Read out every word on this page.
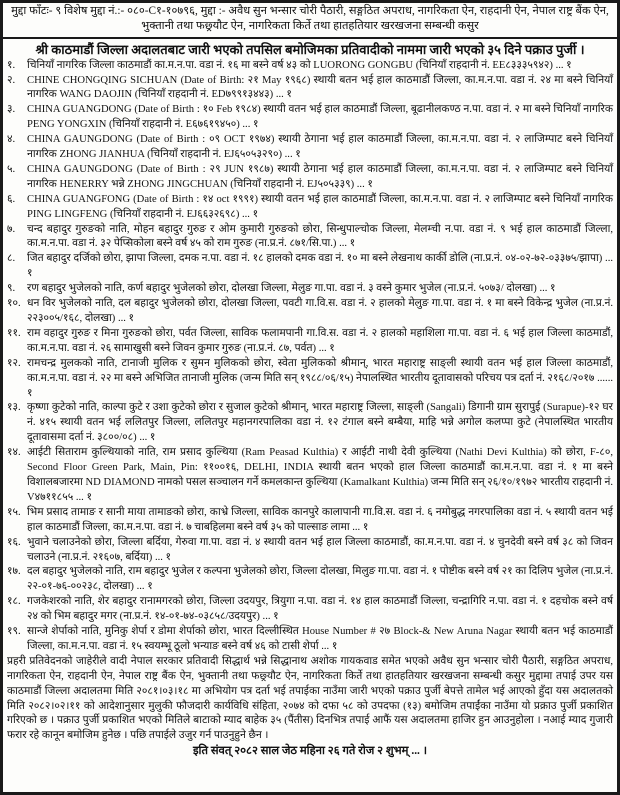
मुद्दा फाँटः- ९ विशेष मुद्दा नं.:- ०८०-C१-१०७९६, मुद्दा :- अवैध सुन भन्सार चोरी पैठारी, सङ्गठित अपराध, नागरिकता ऐन, राहदानी ऐन, नेपाल राष्ट्र बैंक ऐन, भुक्तानी तथा फछ्र्यौट ऐन, नागरिकता किर्ते तथा हातहतियार खरखजना सम्बन्धी कसुर
श्री काठमाडौं जिल्ला अदालतबाट जारी भएको तपसिल बमोजिमका प्रतिवादीको नाममा जारी भएको ३५ दिने पक्राउ पुर्जी ।
१.	चिनियाँ नागरिक जिल्ला काठमाडौं का.म.न.पा. वडा नं. १६ मा बस्ने वर्ष ४३ को LUORONG GONGBU (चिनियाँ राहदानी नं. EE८३३३५९४२) ... १
२.	CHINE CHONGQING SICHUAN (Date of Birth: २१ May १९६८) स्थायी बतन भई हाल काठमाडौं जिल्ला, का.म.न.पा. वडा नं. २४ मा बस्ने चिनियाँ नागरिक WANG DAOJIN (चिनियाँ राहदानी नं. ED७९९१३४४३) ... १
३.	CHINA GUANGDONG (Date of Birth : १० Feb १९८४) स्थायी वतन भई हाल काठमाडौं जिल्ला, बूढानीलकण्ठ न.पा. वडा नं. २ मा बस्ने चिनियाँ नागरिक PENG YONGXIN (चिनियाँ राहदानी नं. E६७६१९४५०) ... १
४.	CHINA GAUNGDONG (Date of Birth : ०९ OCT १९७४) स्थायी ठेगाना भई हाल काठमाडौं जिल्ला, का.म.न.पा. वडा नं. २ लाजिम्पाट बस्ने चिनियाँ नागरिक ZHONG JIANHUA (चिनियाँ राहदानी नं. EJ६५०५३२९०) ... १
५.	CHINA GAUNGDONG (Date of Birth : २९ JUN १९८७) स्थायी ठेगाना भई हाल काठमाडौं जिल्ला, का.म.न.पा. वडा नं. २ लाजिम्पाट बस्ने चिनियाँ नागरिक HENERRY भन्ने ZHONG JINGCHUAN (चिनियाँ राहदानी नं. EJ५०५३३९) ... १
६.	CHINA GUANGFONG (Date of Birth : १४ oct १९९१) स्थायी वतन भई हाल काठमाडौं जिल्ला, का.म.न.पा. वडा नं. २ लाजिम्पाट बस्ने चिनियाँ नागरिक PING LINGFENG (चिनियाँ राहदानी नं. EJ६६३२६९८) ... १
७.	चन्द बहादुर गुरुङको नाति, मोहन बहादुर गुरुङ र ओम कुमारी गुरुङको छोरा, सिन्धुपाल्चोक जिल्ला, मेलम्ची न.पा. वडा नं. ९ भई हाल काठमाडौं जिल्ला, का.म.न.पा. वडा नं. ३२ पेप्सिकोला बस्ने वर्ष ४५ को राम गुरुङ (ना.प्र.नं. ८७१/सि.पा.) ... १
८.	जित बहादुर दर्जिको छोरा, झापा जिल्ला, दमक न.पा. वडा नं. १८ हालको दमक वडा नं. १० मा बस्ने लेखनाथ कार्की डोलि (ना.प्र.नं. ०४-०२-७२-०३३७५/झापा) ... १
९.	रण बहादुर भुजेलको नाति, कर्ण बहादुर भुजेलको छोरा, दोलखा जिल्ला, मेलुङ गा.पा. वडा नं. ३ वस्ने कुमार भुजेल (ना.प्र.नं. ५०७३/ दोलखा) ... १
१०. धन विर भुजेलको नाति, दल बहादुर भुजेलको छोरा, दोलखा जिल्ला, पवटी गा.वि.स. वडा नं. २ हालको मेलुङ गा.पा. वडा नं. १ मा बस्ने विकेन्द्र भुजेल (ना.प्र.नं. २२३००५/१६८, दोलखा) ... १
११. राम वहादुर गुरुङ र मिना गुरुङको छोरा, पर्वत जिल्ला, साविक फलामपानी गा.वि.स. वडा नं. २ हालको महाशिला गा.पा. वडा नं. ६ भई हाल जिल्ला काठमाडौं, का.म.न.पा. वडा नं. २६ सामाखुसी बस्ने जिवन कुमार गुरुङ (ना.प्र.नं. ८७, पर्वत) ... १
१२. रामचन्द्र मुलकको नाति, टानाजी मुलिक र सुमन मुलिकको छोरा, स्वेता मुलिकको श्रीमान्, भारत महाराष्ट्र साङ्ली स्थायी वतन भई हाल जिल्ला काठमाडौं, का.म.न.पा. वडा नं. २२ मा बस्ने अभिजित तानाजी मुलिक (जन्म मिति सन् १९८८/०६/१५) नेपालस्थित भारतीय दूतावासको परिचय पत्र दर्ता नं. २१६८/२०१७ ...... १
१३. कृष्णा कुटेको नाति, काल्पा कुटे र उशा कुटेको छोरा र सुजाल कुटेको श्रीमान्, भारत महाराष्ट्र जिल्ला, साङ्ली (Sangali) डिगानी ग्राम सुरापुई (Surapue)-१२ घर नं. ४१५ स्थायी वतन भई ललितपुर जिल्ला, ललितपुर महानगरपालिका वडा नं. १२ टंगाल बस्ने बम्बैया, माहि भन्ने अगोल कलप्पा कुटे (नेपालस्थित भारतीय दूतावासमा दर्ता नं. ३८००/०८) ... १
१४. आईटी सिताराम कुल्थियाको नाति, राम प्रसाद कुल्थिया (Ram Peasad Kulthia) र आईटी नाथी देवी कुल्थिया (Nathi Devi Kulthia) को छोरा, F-८०, Second Floor Green Park, Main, Pin: ११००१६, DELHI, INDIA स्थायी बतन भएको हाल जिल्ला काठमाडौं का.म.न.पा. वडा नं. १ मा बस्ने विशालबजारमा ND DIAMOND नामको पसल सञ्चालन गर्ने कमलकान्त कुल्थिया (Kamalkant Kulthia) जन्म मिति सन् २६/१०/१९७२ भारतीय राहदानी नं. V४७११८५५ ... १
१५. भिम प्रसाद तामाङ र सानी माया तामाङको छोरा, काभ्रे जिल्ला, साविक कानपुरे कालापानी गा.वि.स. वडा नं. ६ नमोबुद्ध नगरपालिका वडा नं. ५ स्थायी वतन भई हाल काठमाडौं जिल्ला, का.म.न.पा. वडा नं. ७ चाबहिलमा बस्ने वर्ष ३५ को पाल्साङ लामा ... १
१६. भुवाने चलाउनेको छोरा, जिल्ला बर्दिया, गेरुवा गा.पा. वडा नं. ४ स्थायी वतन भई हाल जिल्ला काठमाडौं, का.म.न.पा. वडा नं. ४ चुनदेवी बस्ने वर्ष ३८ को जिवन चलाउने (ना.प्र.नं. २१६०७, बर्दिया) ... १
१७. दल बहादुर भुजेलको नाति, राम बहादुर भुजेल र कल्पना भुजेलको छोरा, जिल्ला दोलखा, मिलुङ गा.पा. वडा नं. १ पोष्टीक बस्ने वर्ष २१ का दिलिप भुजेल (ना.प्र.नं. २२-०१-७६-००२३८, दोलखा) ... १
१८. गजकेशरको नाति, शेर बहादुर रानामगरको छोरा, जिल्ला उदयपुर, त्रियुगा न.पा. वडा नं. १४ हाल काठमाडौं जिल्ला, चन्द्रागिरि न.पा. वडा नं. १ दहचोक बस्ने वर्ष २४ को भिम बहादुर मगर (ना.प्र.नं. १४-०१-७४-०३८५८/उदयपुर) ... १
१९. सान्जे शेर्पाको नाति, मुनिकु शेर्पा र डोमा शेर्पाको छोरा, भारत दिल्लीस्थित House Number # २७ Block-& New Aruna Nagar स्थायी बतन भई काठमाडौं जिल्ला, का.म.न.पा. वडा नं. १५ स्वयम्भू ठूलो भन्याङ बस्ने वर्ष ४६ को टासी शेर्पा ... १
प्रहरी प्रतिवेदनको जाहेरीले वादी नेपाल सरकार प्रतिवादी सिद्धार्थ भन्ने सिद्धानाथ अशोक गायकवाड समेत भएको अवैध सुन भन्सार चोरी पैठारी, सङ्गठित अपराध, नागरिकता ऐन, राहदानी ऐन, नेपाल राष्ट्र बैंक ऐन, भुक्तानी तथा फछ्र्यौट ऐन, नागरिकता किर्ते तथा हातहतियार खरखजना सम्बन्धी कसुर मुद्दामा तपाई उपर यस काठमाडौं जिल्ला अदालतमा मिति २०८१।०३।१८ मा अभियोग पत्र दर्ता भई तपाईका नाउँमा जारी भएको पक्राउ पुर्जी बेपत्ते तामेल भई आएको हुँदा यस अदालतको मिति २०८२।०२।११ को आदेशानुसार मुलुकी फौजदारी कार्यविधि संहिता, २०७४ को दफा ५८ को उपदफा (१३) बमोजिम तपाईंका नाउँमा यो प्रक्राउ पुर्जी प्रकाशित गरिएको छ । पक्राउ पुर्जी प्रकाशित भएको मितिले बाटाको म्याद बाहेक ३५ (पैंतीस) दिनभित्र तपाई आफैं यस अदालतमा हाजिर हुन आउनुहोला । नआई म्याद गुजारी फरार रहे कानून बमोजिम हुनेछ । पछि तपाईले उजुर गर्न पाउनुहुने छैन ।
इति संवत् २०८२ साल जेठ महिना २६ गते रोज २ शुभम् ... ।
